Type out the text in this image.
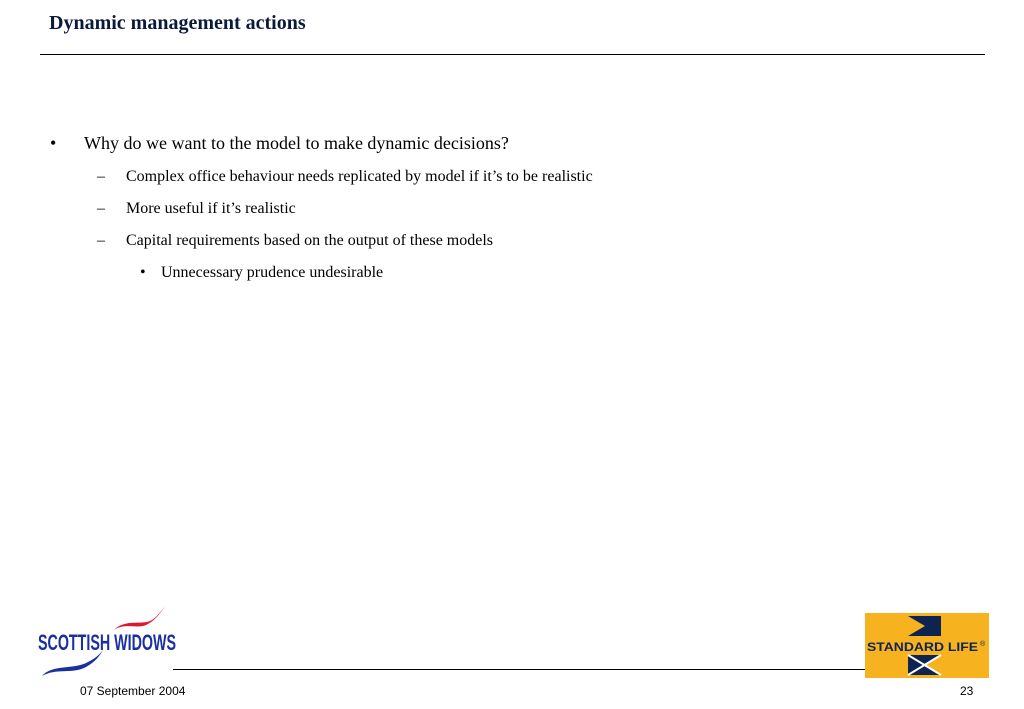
Dynamic management actions
• Why do we want to the model to make dynamic decisions?
– Complex office behaviour needs replicated by model if it’s to be realistic
– More useful if it’s realistic
– Capital requirements based on the output of these models
• Unnecessary prudence undesirable
SCOTTISH WIDOWS
07 September 2004	23
STANDARD LIFE ®
